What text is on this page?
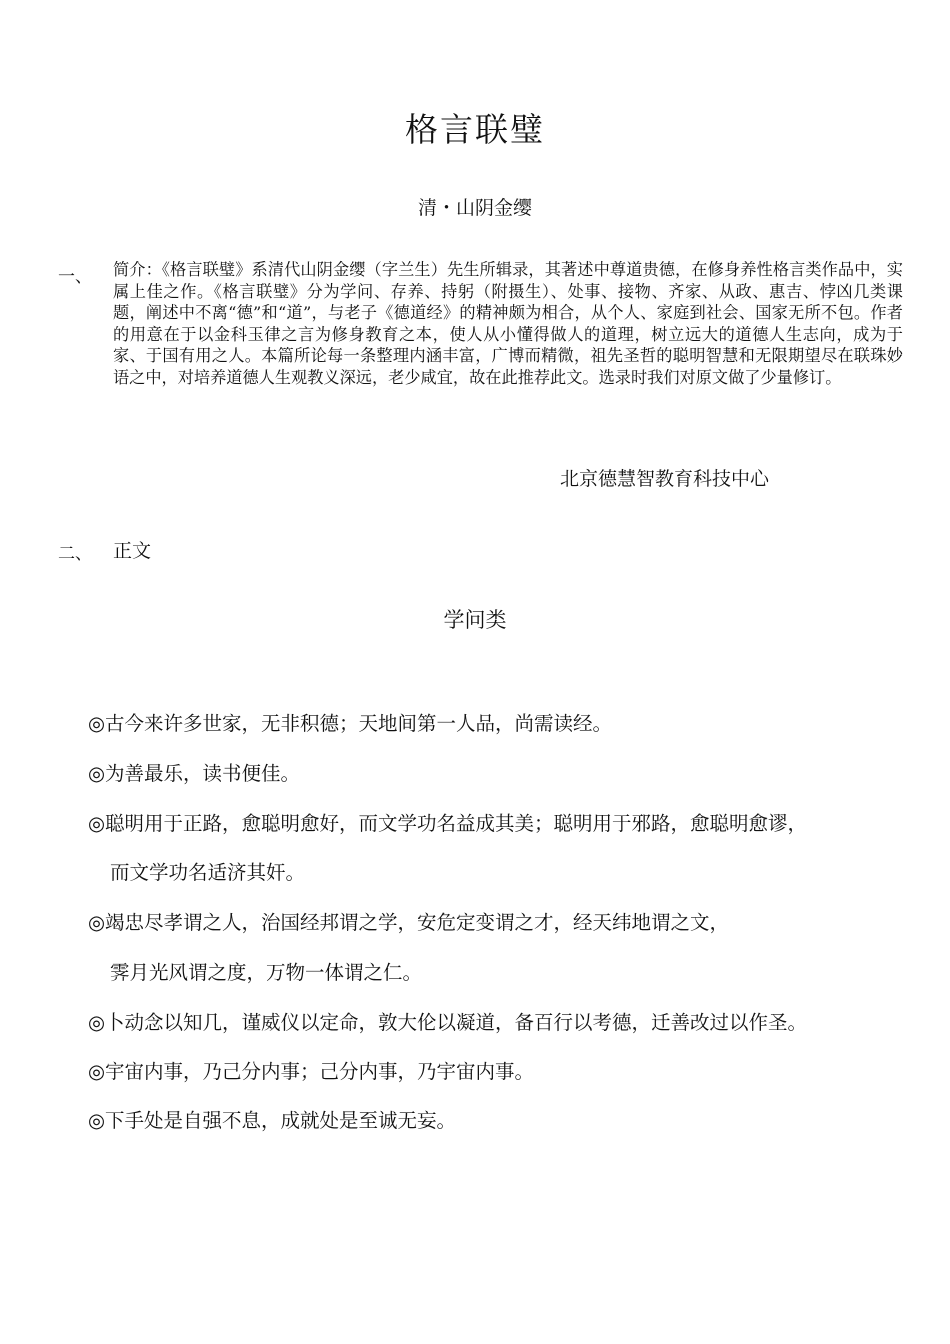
格言联璧
清・山阴金缨
一、 简介：《格言联璧》系清代山阴金缨（字兰生）先生所辑录，其著述中尊道贵德，在修身养性格言类作品中，实属上佳之作。《格言联璧》分为学问、存养、持躬（附摄生）、处事、接物、齐家、从政、惠吉、悖凶几类课题，阐述中不离“德”和“道”，与老子《德道经》的精神颇为相合，从个人、家庭到社会、国家无所不包。作者的用意在于以金科玉律之言为修身教育之本，使人从小懂得做人的道理，树立远大的道德人生志向，成为于家、于国有用之人。本篇所论每一条整理内涵丰富，广博而精微，祖先圣哲的聪明智慧和无限期望尽在联珠妙语之中，对培养道德人生观教义深远，老少咸宜，故在此推荐此文。选录时我们对原文做了少量修订。

北京德慧智教育科技中心
二、 正文
学问类
◎古今来许多世家，无非积德；天地间第一人品，尚需读经。
◎为善最乐，读书便佳。
◎聪明用于正路，愈聪明愈好，而文学功名益成其美；聪明用于邪路，愈聪明愈谬，
而文学功名适济其奸。
◎竭忠尽孝谓之人，治国经邦谓之学，安危定变谓之才，经天纬地谓之文，
霁月光风谓之度，万物一体谓之仁。
◎卜动念以知几，谨威仪以定命，敦大伦以凝道，备百行以考德，迁善改过以作圣。
◎宇宙内事，乃己分内事；己分内事，乃宇宙内事。
◎下手处是自强不息，成就处是至诚无妄。
